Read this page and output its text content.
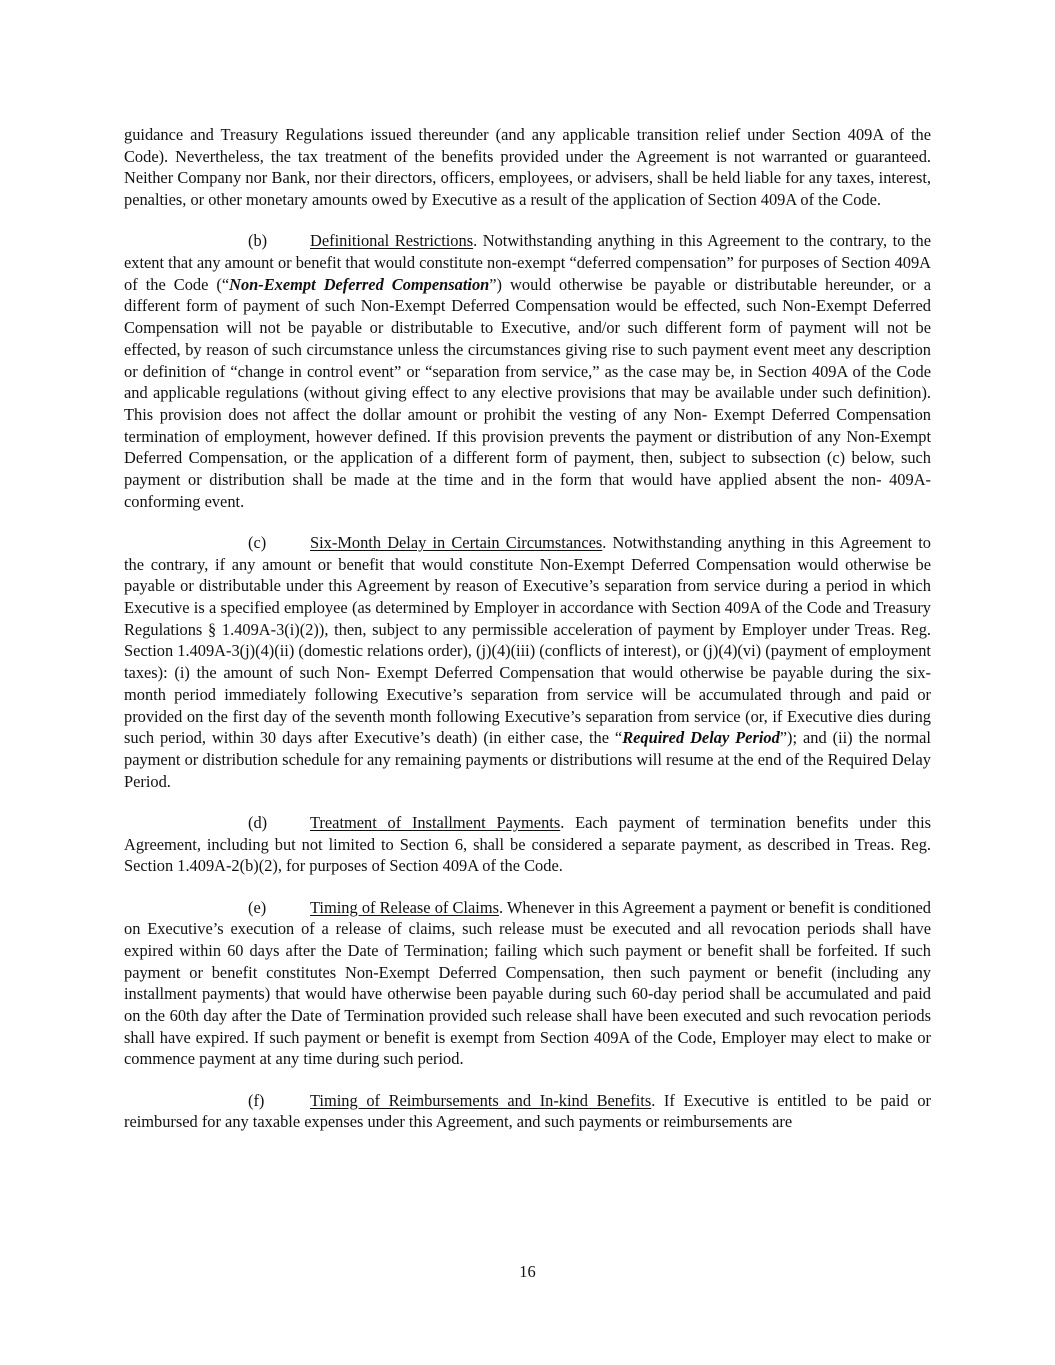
guidance and Treasury Regulations issued thereunder (and any applicable transition relief under Section 409A of the Code). Nevertheless, the tax treatment of the benefits provided under the Agreement is not warranted or guaranteed. Neither Company nor Bank, nor their directors, officers, employees, or advisers, shall be held liable for any taxes, interest, penalties, or other monetary amounts owed by Executive as a result of the application of Section 409A of the Code.

(b)	Definitional Restrictions. Notwithstanding anything in this Agreement to the contrary, to the extent that any amount or benefit that would constitute non-exempt “deferred compensation” for purposes of Section 409A of the Code (“Non-Exempt Deferred Compensation”) would otherwise be payable or distributable hereunder, or a different form of payment of such Non-Exempt Deferred Compensation would be effected, such Non-Exempt Deferred Compensation will not be payable or distributable to Executive, and/or such different form of payment will not be effected, by reason of such circumstance unless the circumstances giving rise to such payment event meet any description or definition of “change in control event” or “separation from service,” as the case may be, in Section 409A of the Code and applicable regulations (without giving effect to any elective provisions that may be available under such definition). This provision does not affect the dollar amount or prohibit the vesting of any Non- Exempt Deferred Compensation termination of employment, however defined. If this provision prevents the payment or distribution of any Non-Exempt Deferred Compensation, or the application of a different form of payment, then, subject to subsection (c) below, such payment or distribution shall be made at the time and in the form that would have applied absent the non- 409A-conforming event.

(c)	Six-Month Delay in Certain Circumstances. Notwithstanding anything in this Agreement to the contrary, if any amount or benefit that would constitute Non-Exempt Deferred Compensation would otherwise be payable or distributable under this Agreement by reason of Executive’s separation from service during a period in which Executive is a specified employee (as determined by Employer in accordance with Section 409A of the Code and Treasury Regulations § 1.409A-3(i)(2)), then, subject to any permissible acceleration of payment by Employer under Treas. Reg. Section 1.409A-3(j)(4)(ii) (domestic relations order), (j)(4)(iii) (conflicts of interest), or (j)(4)(vi) (payment of employment taxes): (i) the amount of such Non- Exempt Deferred Compensation that would otherwise be payable during the six- month period immediately following Executive’s separation from service will be accumulated through and paid or provided on the first day of the seventh month following Executive’s separation from service (or, if Executive dies during such period, within 30 days after Executive’s death) (in either case, the “Required Delay Period”); and (ii) the normal payment or distribution schedule for any remaining payments or distributions will resume at the end of the Required Delay Period.

(d)	Treatment of Installment Payments. Each payment of termination benefits under this Agreement, including but not limited to Section 6, shall be considered a separate payment, as described in Treas. Reg. Section 1.409A-2(b)(2), for purposes of Section 409A of the Code.

(e)	Timing of Release of Claims. Whenever in this Agreement a payment or benefit is conditioned on Executive’s execution of a release of claims, such release must be executed and all revocation periods shall have expired within 60 days after the Date of Termination; failing which such payment or benefit shall be forfeited. If such payment or benefit constitutes Non-Exempt Deferred Compensation, then such payment or benefit (including any installment payments) that would have otherwise been payable during such 60-day period shall be accumulated and paid on the 60th day after the Date of Termination provided such release shall have been executed and such revocation periods shall have expired. If such payment or benefit is exempt from Section 409A of the Code, Employer may elect to make or commence payment at any time during such period.

(f)	Timing of Reimbursements and In-kind Benefits. If Executive is entitled to be paid or reimbursed for any taxable expenses under this Agreement, and such payments or reimbursements are

16
